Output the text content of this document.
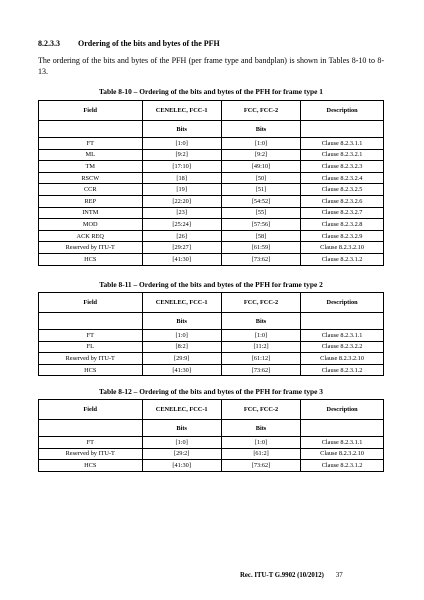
8.2.3.3 Ordering of the bits and bytes of the PFH
The ordering of the bits and bytes of the PFH (per frame type and bandplan) is shown in Tables 8-10 to 8-13.
Table 8-10 – Ordering of the bits and bytes of the PFH for frame type 1
Field	CENELEC, FCC-1	FCC, FCC-2	Description
	Bits	Bits	
FT	[1:0]	[1:0]	Clause 8.2.3.1.1
ML	[9:2]	[9:2]	Clause 8.2.3.2.1
TM	[17:10]	[49:10]	Clause 8.2.3.2.3
RSCW	[18]	[50]	Clause 8.2.3.2.4
CCR	[19]	[51]	Clause 8.2.3.2.5
REP	[22:20]	[54:52]	Clause 8.2.3.2.6
INTM	[23]	[55]	Clause 8.2.3.2.7
MOD	[25:24]	[57:56]	Clause 8.2.3.2.8
ACK REQ	[26]	[58]	Clause 8.2.3.2.9
Reserved by ITU-T	[29:27]	[61:59]	Clause 8.2.3.2.10
HCS	[41:30]	[73:62]	Clause 8.2.3.1.2
Table 8-11 – Ordering of the bits and bytes of the PFH for frame type 2
Field	CENELEC, FCC-1	FCC, FCC-2	Description
	Bits	Bits	
FT	[1:0]	[1:0]	Clause 8.2.3.1.1
FL	[8:2]	[11:2]	Clause 8.2.3.2.2
Reserved by ITU-T	[29:9]	[61:12]	Clause 8.2.3.2.10
HCS	[41:30]	[73:62]	Clause 8.2.3.1.2
Table 8-12 – Ordering of the bits and bytes of the PFH for frame type 3
Field	CENELEC, FCC-1	FCC, FCC-2	Description
	Bits	Bits	
FT	[1:0]	[1:0]	Clause 8.2.3.1.1
Reserved by ITU-T	[29:2]	[61:2]	Clause 8.2.3.2.10
HCS	[41:30]	[73:62]	Clause 8.2.3.1.2
Rec. ITU-T G.9902 (10/2012) 37
